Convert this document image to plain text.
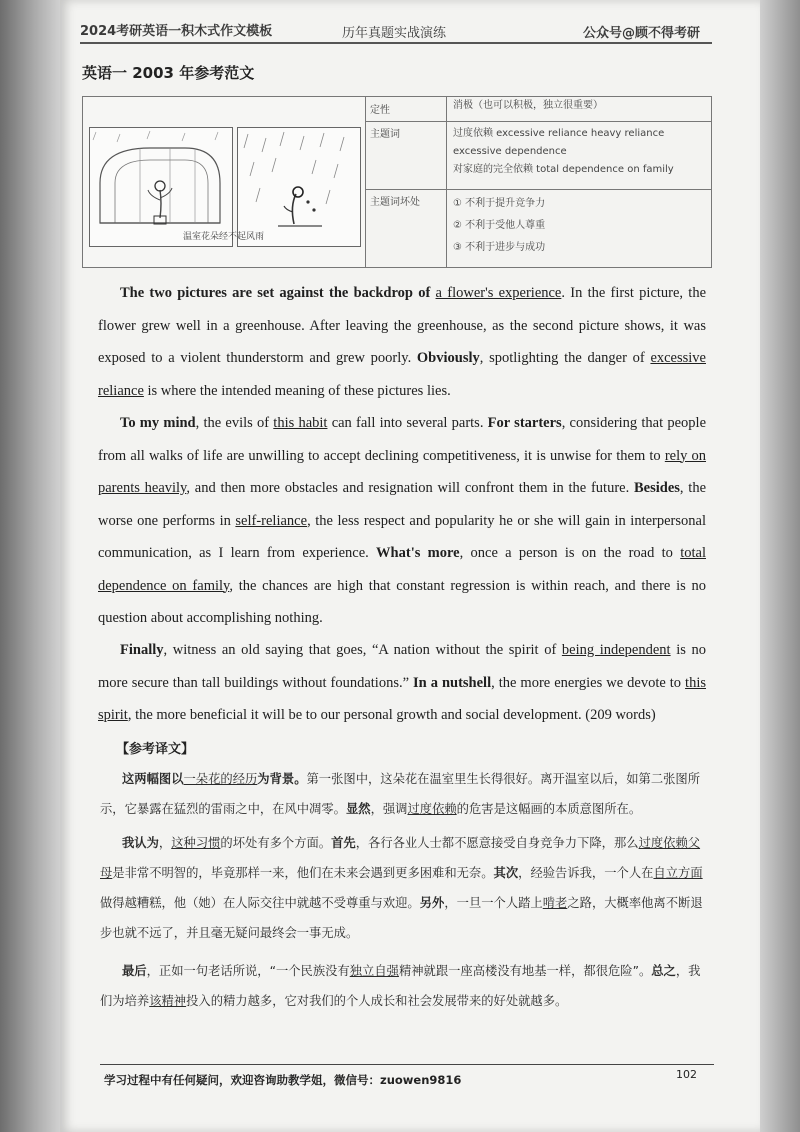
2024考研英语一积木式作文模板	历年真题实战演练	公众号@顾不得考研
英语一 2003 年参考范文
温室花朵经不起风雨
定性	消极（也可以积极，独立很重要）
主题词	过度依赖 excessive reliance heavy reliance excessive dependence
对家庭的完全依赖 total dependence on family
主题词坏处	① 不利于提升竞争力
② 不利于受他人尊重
③ 不利于进步与成功
The two pictures are set against the backdrop of a flower's experience. In the first picture, the flower grew well in a greenhouse. After leaving the greenhouse, as the second picture shows, it was exposed to a violent thunderstorm and grew poorly. Obviously, spotlighting the danger of excessive reliance is where the intended meaning of these pictures lies.
To my mind, the evils of this habit can fall into several parts. For starters, considering that people from all walks of life are unwilling to accept declining competitiveness, it is unwise for them to rely on parents heavily, and then more obstacles and resignation will confront them in the future. Besides, the worse one performs in self-reliance, the less respect and popularity he or she will gain in interpersonal communication, as I learn from experience. What's more, once a person is on the road to total dependence on family, the chances are high that constant regression is within reach, and there is no question about accomplishing nothing.
Finally, witness an old saying that goes, “A nation without the spirit of being independent is no more secure than tall buildings without foundations.” In a nutshell, the more energies we devote to this spirit, the more beneficial it will be to our personal growth and social development. (209 words)
【参考译文】
这两幅图以一朵花的经历为背景。第一张图中，这朵花在温室里生长得很好。离开温室以后，如第二张图所示，它暴露在猛烈的雷雨之中，在风中凋零。显然，强调过度依赖的危害是这幅画的本质意图所在。
我认为，这种习惯的坏处有多个方面。首先，各行各业人士都不愿意接受自身竞争力下降，那么过度依赖父母是非常不明智的，毕竟那样一来，他们在未来会遇到更多困难和无奈。其次，经验告诉我，一个人在自立方面做得越糟糕，他（她）在人际交往中就越不受尊重与欢迎。另外，一旦一个人踏上啃老之路，大概率他离不断退步也就不远了，并且毫无疑问最终会一事无成。
最后，正如一句老话所说，“一个民族没有独立自强精神就跟一座高楼没有地基一样，都很危险”。总之，我们为培养该精神投入的精力越多，它对我们的个人成长和社会发展带来的好处就越多。
学习过程中有任何疑问，欢迎咨询助教学姐，微信号：zuowen9816	102
